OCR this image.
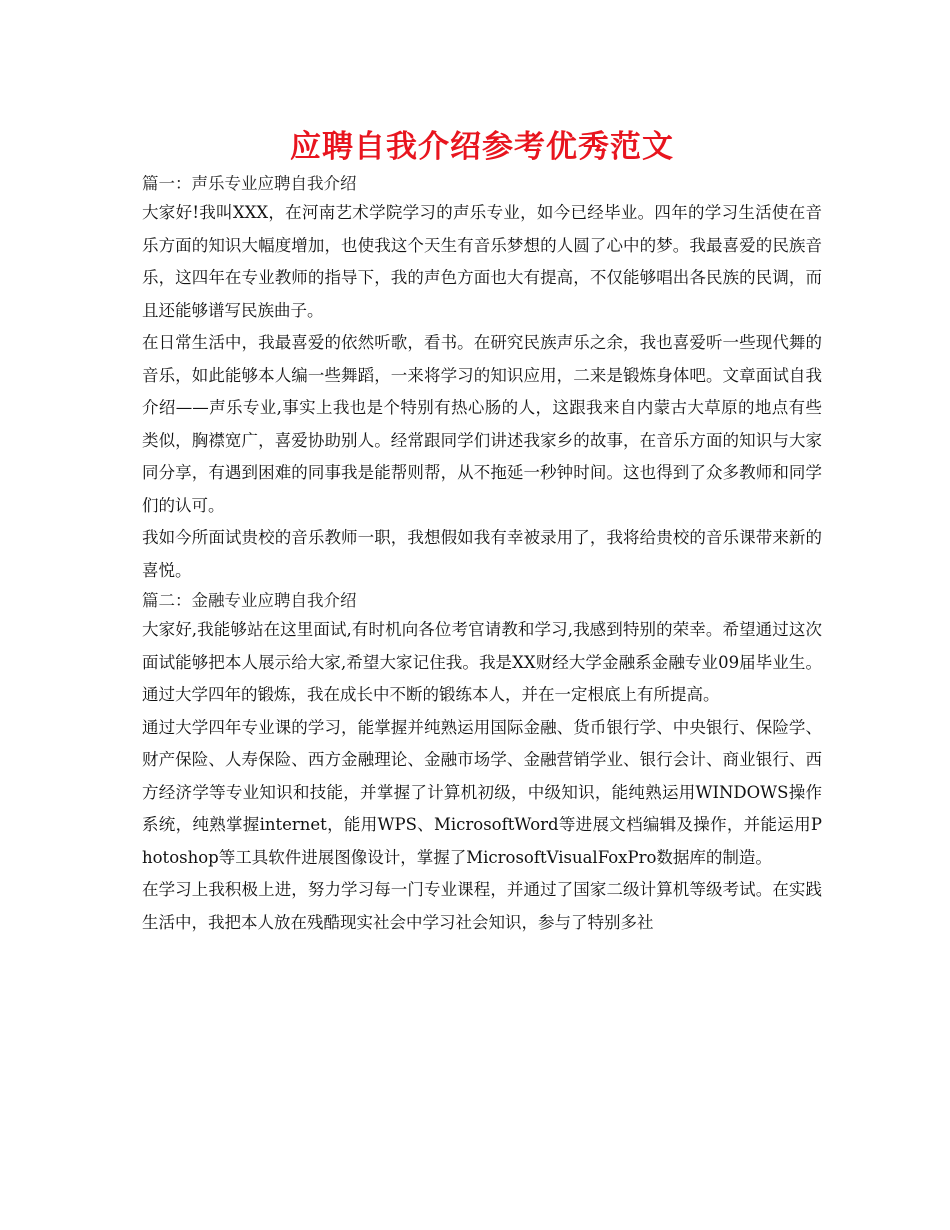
应聘自我介绍参考优秀范文

篇一：声乐专业应聘自我介绍

大家好!我叫XXX，在河南艺术学院学习的声乐专业，如今已经毕业。四年的学习生活使在音乐方面的知识大幅度增加，也使我这个天生有音乐梦想的人圆了心中的梦。我最喜爱的民族音乐，这四年在专业教师的指导下，我的声色方面也大有提高，不仅能够唱出各民族的民调，而且还能够谱写民族曲子。

在日常生活中，我最喜爱的依然听歌，看书。在研究民族声乐之余，我也喜爱听一些现代舞的音乐，如此能够本人编一些舞蹈，一来将学习的知识应用，二来是锻炼身体吧。文章面试自我介绍——声乐专业,事实上我也是个特别有热心肠的人，这跟我来自内蒙古大草原的地点有些类似，胸襟宽广，喜爱协助别人。经常跟同学们讲述我家乡的故事，在音乐方面的知识与大家同分享，有遇到困难的同事我是能帮则帮，从不拖延一秒钟时间。这也得到了众多教师和同学们的认可。

我如今所面试贵校的音乐教师一职，我想假如我有幸被录用了，我将给贵校的音乐课带来新的喜悦。

篇二：金融专业应聘自我介绍

大家好,我能够站在这里面试,有时机向各位考官请教和学习,我感到特别的荣幸。希望通过这次面试能够把本人展示给大家,希望大家记住我。我是XX财经大学金融系金融专业09届毕业生。通过大学四年的锻炼，我在成长中不断的锻练本人，并在一定根底上有所提高。

通过大学四年专业课的学习，能掌握并纯熟运用国际金融、货币银行学、中央银行、保险学、财产保险、人寿保险、西方金融理论、金融市场学、金融营销学业、银行会计、商业银行、西方经济学等专业知识和技能，并掌握了计算机初级，中级知识，能纯熟运用WINDOWS操作系统，纯熟掌握internet，能用WPS、MicrosoftWord等进展文档编辑及操作，并能运用Photoshop等工具软件进展图像设计，掌握了MicrosoftVisualFoxPro数据库的制造。

在学习上我积极上进，努力学习每一门专业课程，并通过了国家二级计算机等级考试。在实践生活中，我把本人放在残酷现实社会中学习社会知识，参与了特别多社
